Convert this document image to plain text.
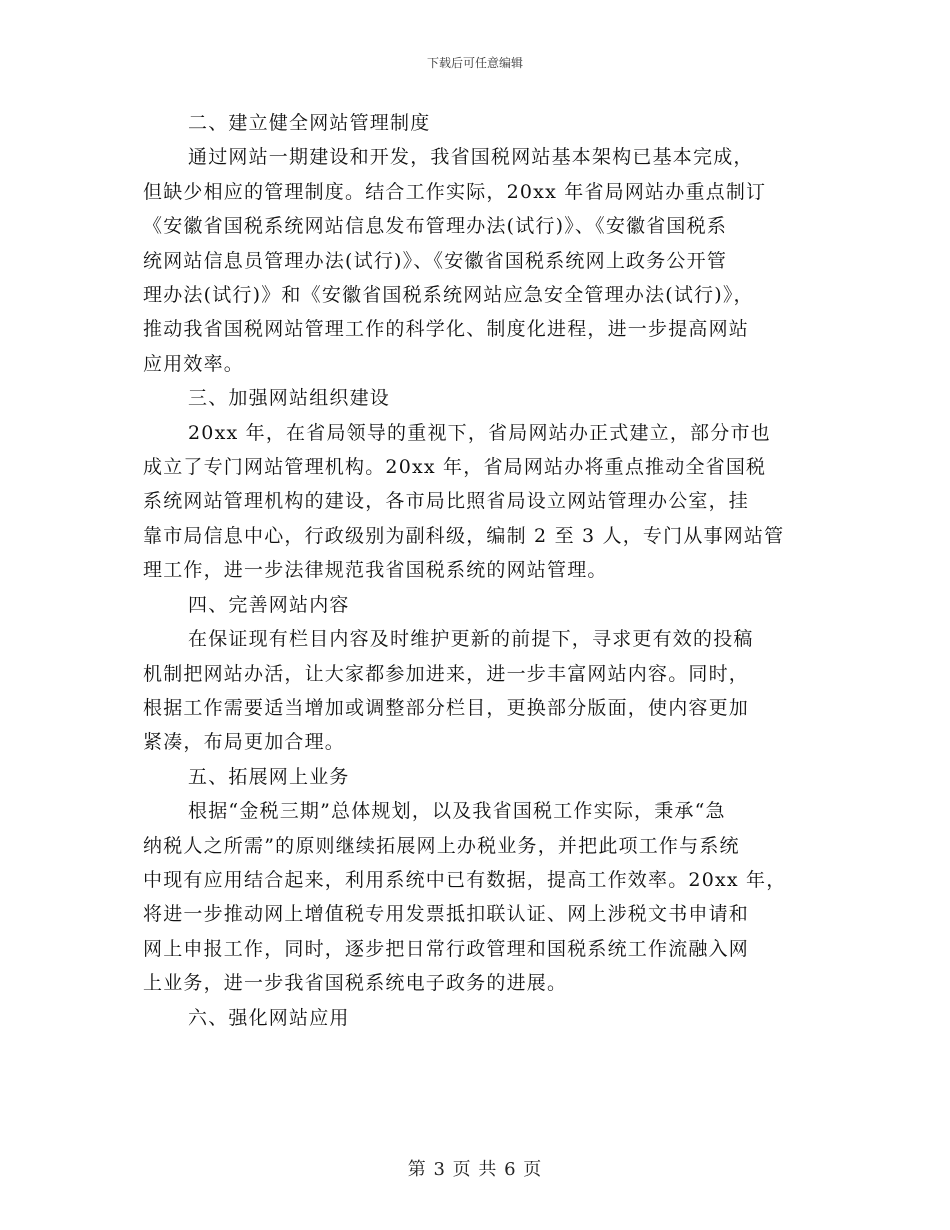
下载后可任意编辑
二、建立健全网站管理制度
通过网站一期建设和开发，我省国税网站基本架构已基本完成，
但缺少相应的管理制度。结合工作实际，20xx 年省局网站办重点制订
《安徽省国税系统网站信息发布管理办法(试行)》、《安徽省国税系
统网站信息员管理办法(试行)》、《安徽省国税系统网上政务公开管
理办法(试行)》和《安徽省国税系统网站应急安全管理办法(试行)》，
推动我省国税网站管理工作的科学化、制度化进程，进一步提高网站
应用效率。
三、加强网站组织建设
20xx 年，在省局领导的重视下，省局网站办正式建立，部分市也
成立了专门网站管理机构。20xx 年，省局网站办将重点推动全省国税
系统网站管理机构的建设，各市局比照省局设立网站管理办公室，挂
靠市局信息中心，行政级别为副科级，编制 2 至 3 人，专门从事网站管
理工作，进一步法律规范我省国税系统的网站管理。
四、完善网站内容
在保证现有栏目内容及时维护更新的前提下，寻求更有效的投稿
机制把网站办活，让大家都参加进来，进一步丰富网站内容。同时，
根据工作需要适当增加或调整部分栏目，更换部分版面，使内容更加
紧凑，布局更加合理。
五、拓展网上业务
根据“金税三期”总体规划，以及我省国税工作实际，秉承“急
纳税人之所需”的原则继续拓展网上办税业务，并把此项工作与系统
中现有应用结合起来，利用系统中已有数据，提高工作效率。20xx 年，
将进一步推动网上增值税专用发票抵扣联认证、网上涉税文书申请和
网上申报工作，同时，逐步把日常行政管理和国税系统工作流融入网
上业务，进一步我省国税系统电子政务的进展。
六、强化网站应用
第 3 页 共 6 页
